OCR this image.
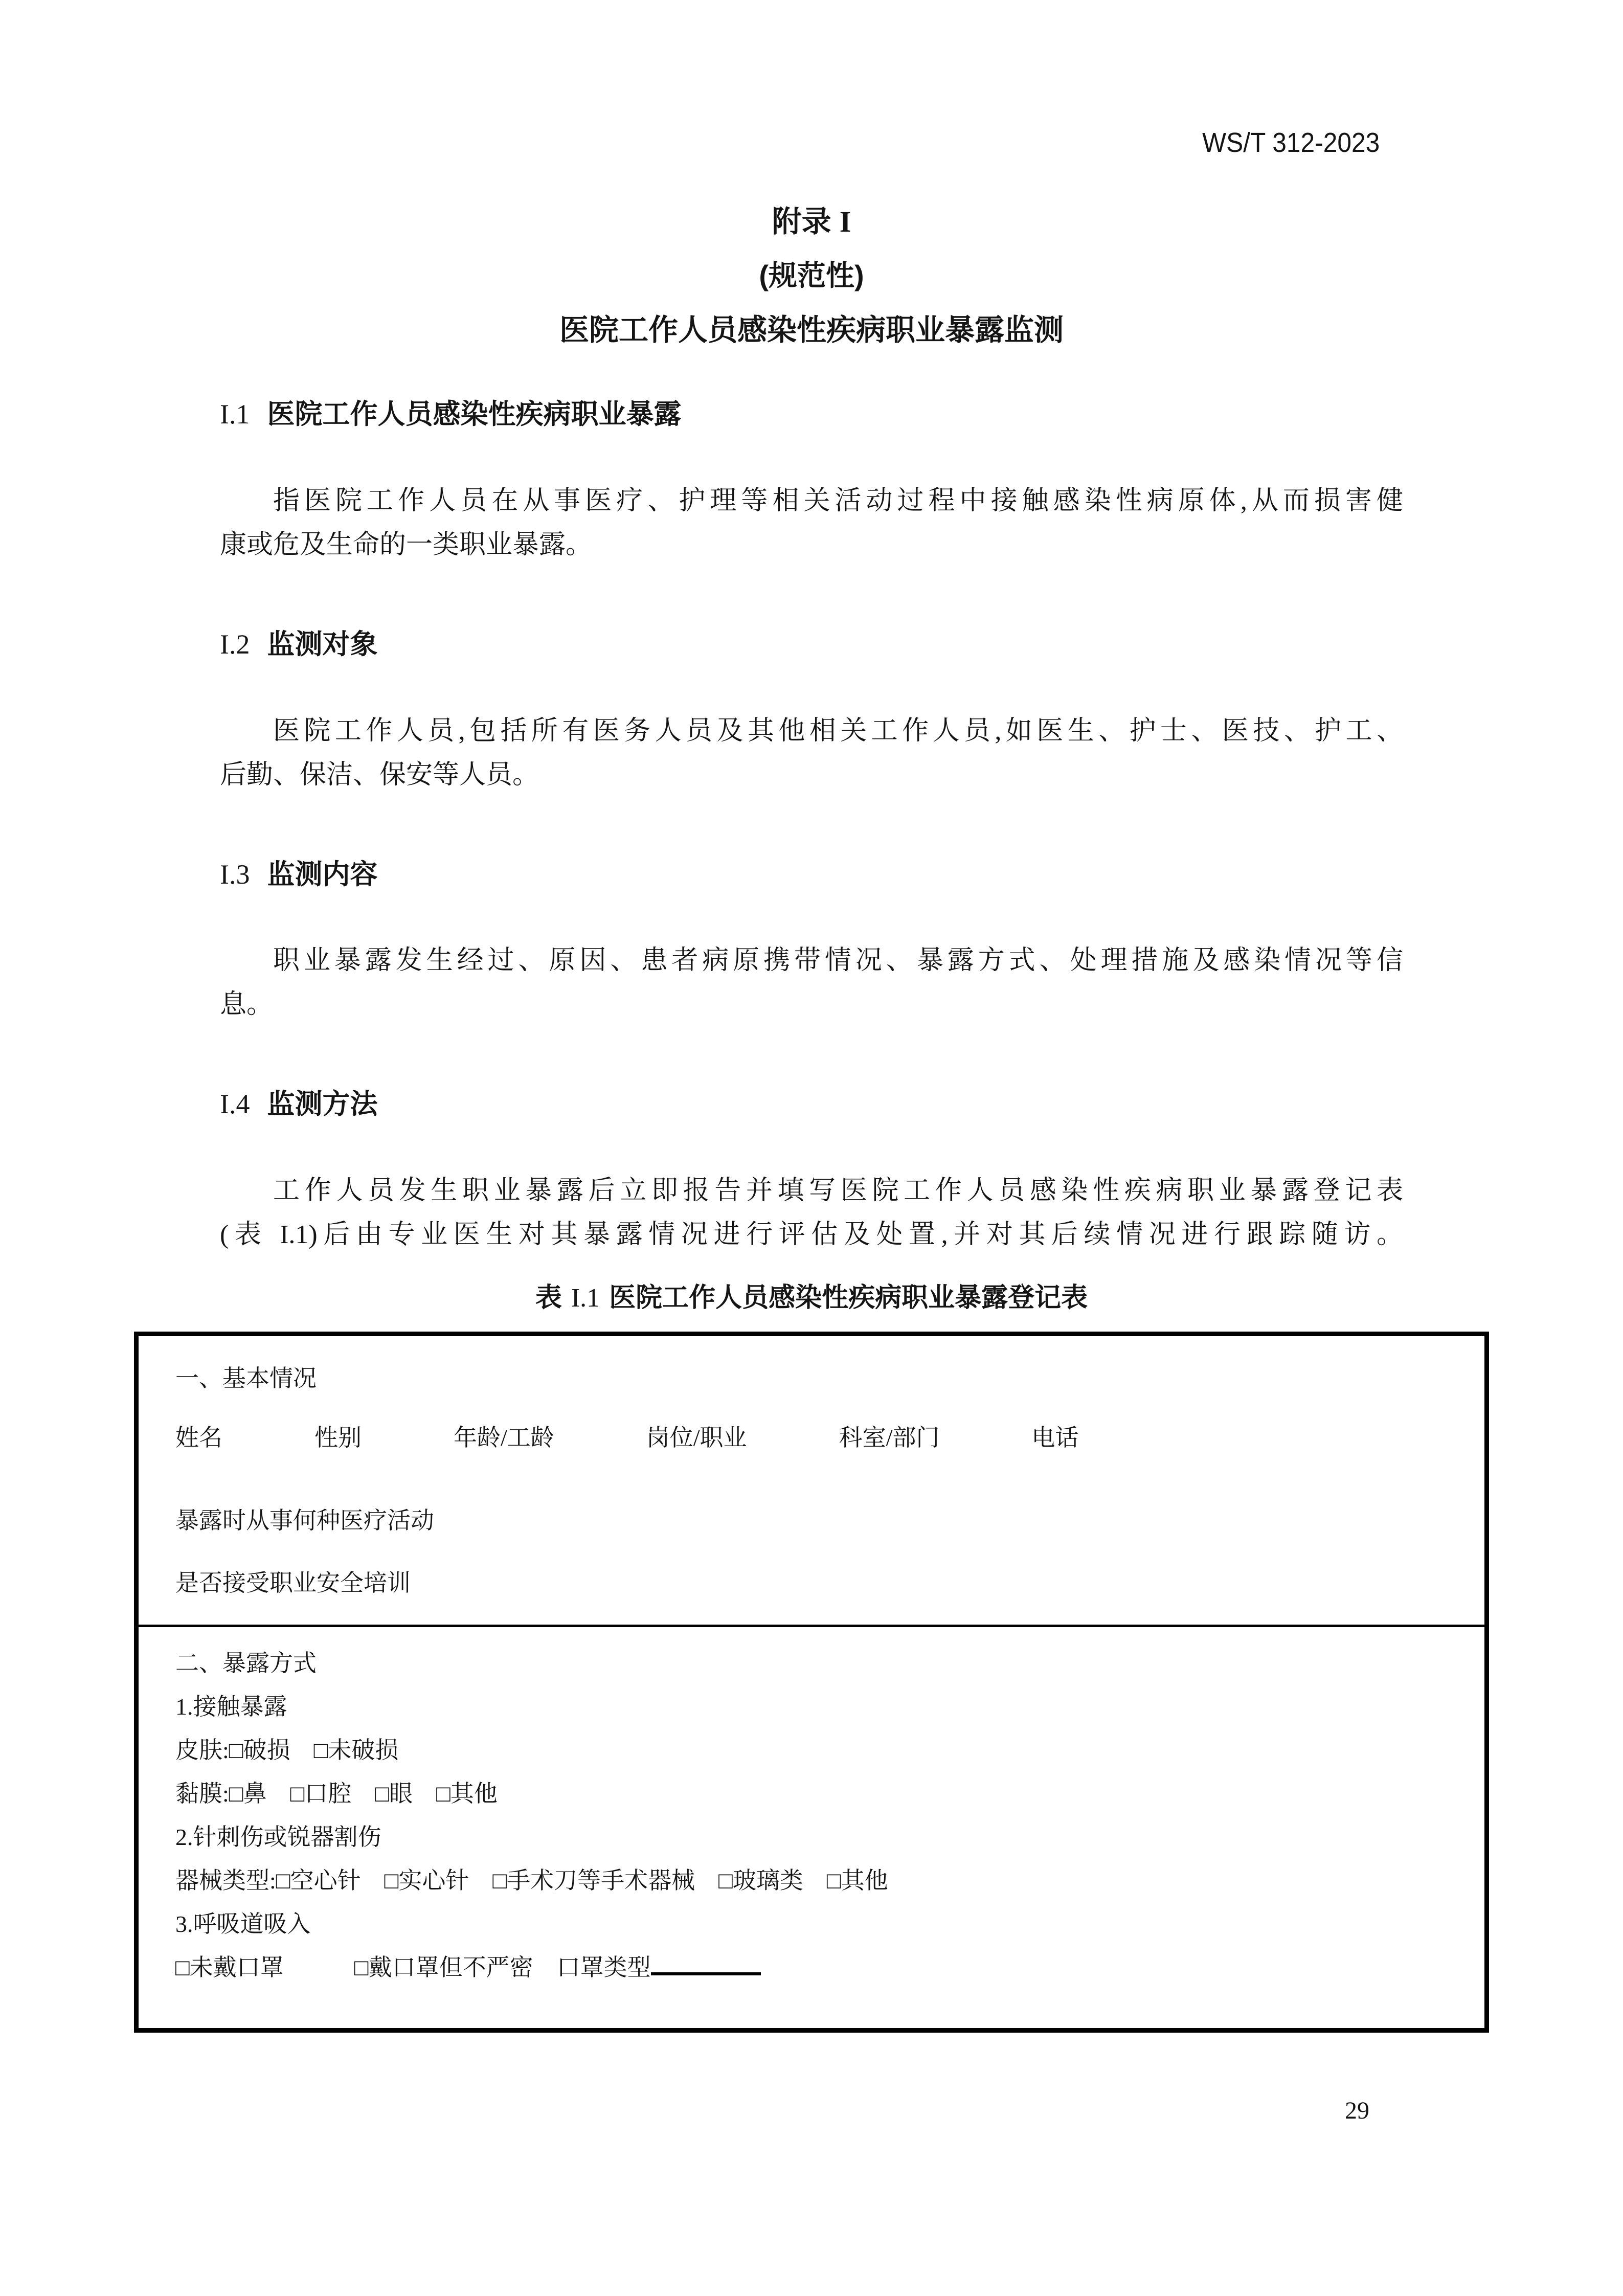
WS/T 312-2023
附录 I
(规范性)
医院工作人员感染性疾病职业暴露监测
I.1 医院工作人员感染性疾病职业暴露
指医院工作人员在从事医疗、护理等相关活动过程中接触感染性病原体,从而损害健
康或危及生命的一类职业暴露。
I.2 监测对象
医院工作人员,包括所有医务人员及其他相关工作人员,如医生、护士、医技、护工、
后勤、保洁、保安等人员。
I.3 监测内容
职业暴露发生经过、原因、患者病原携带情况、暴露方式、处理措施及感染情况等信
息。
I.4 监测方法
工作人员发生职业暴露后立即报告并填写医院工作人员感染性疾病职业暴露登记表
(表 I.1)后由专业医生对其暴露情况进行评估及处置,并对其后续情况进行跟踪随访。
表 I.1 医院工作人员感染性疾病职业暴露登记表
一、基本情况
姓名	性别	年龄/工龄	岗位/职业	科室/部门	电话
暴露时从事何种医疗活动
是否接受职业安全培训
二、暴露方式
1.接触暴露
皮肤:□破损　□未破损
黏膜:□鼻　□口腔　□眼　□其他
2.针刺伤或锐器割伤
器械类型:□空心针　□实心针　□手术刀等手术器械　□玻璃类　□其他
3.呼吸道吸入
□未戴口罩　　　□戴口罩但不严密　口罩类型
29
